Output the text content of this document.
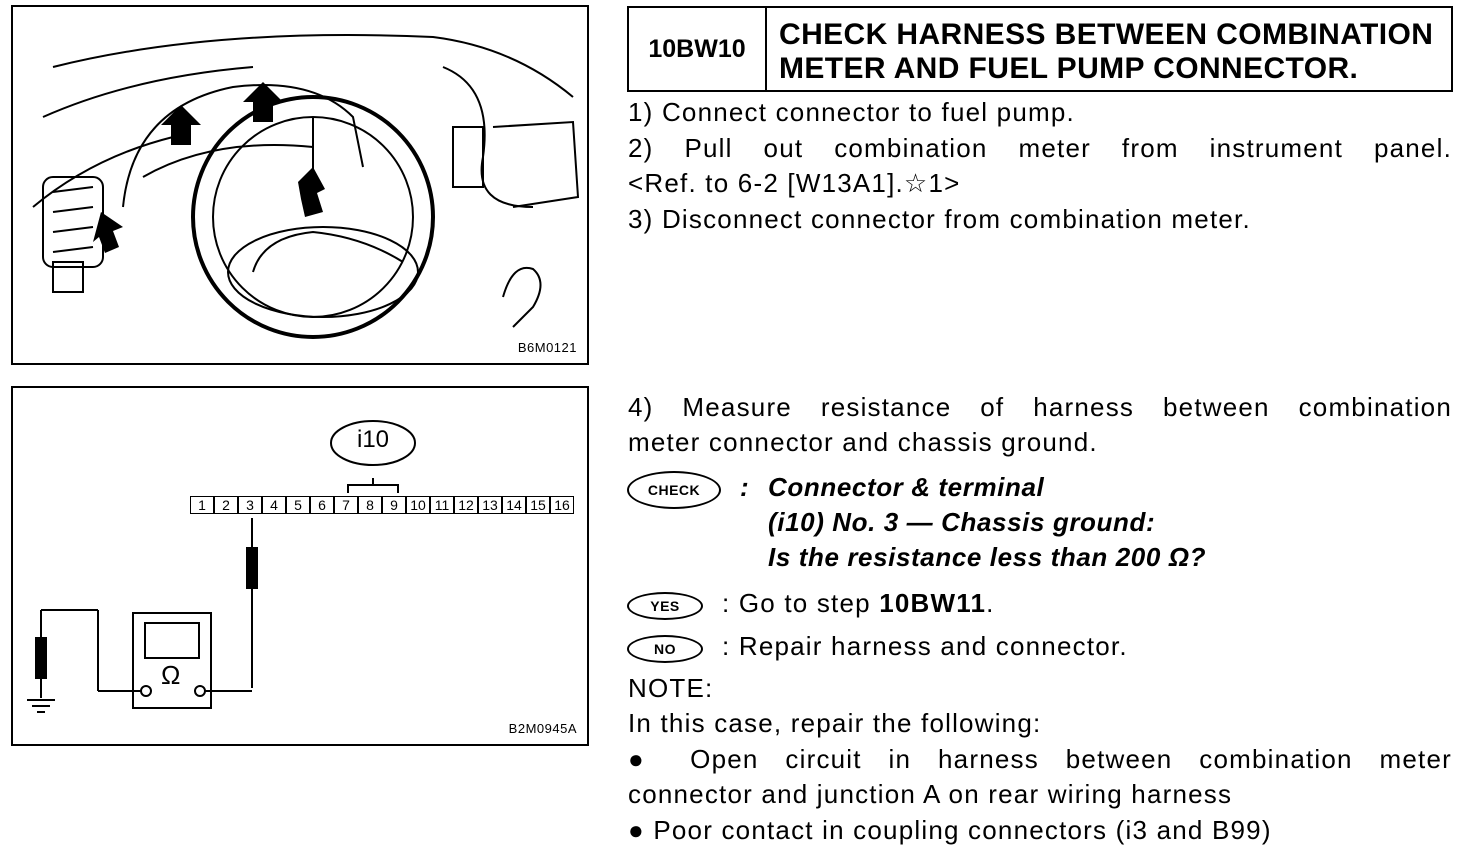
B6M0121
i10
Ω
B2M0945A
1	2	3	4	5	6	7	8	9 10 11 12 13 14 15 16
10BW10	CHECK HARNESS BETWEEN COMBINATION
METER AND FUEL PUMP CONNECTOR.
1) Connect connector to fuel pump.
2) Pull out combination meter from instrument panel.
<Ref. to 6-2 [W13A1].☆1>
3) Disconnect connector from combination meter.
4) Measure resistance of harness between combination
meter connector and chassis ground.
CHECK	: Connector & terminal
(i10) No. 3 — Chassis ground:
Is the resistance less than 200 Ω?
YES	: Go to step 10BW11.
NO	: Repair harness and connector.
NOTE:
In this case, repair the following:
● Open circuit in harness between combination meter
connector and junction A on rear wiring harness
● Poor contact in coupling connectors (i3 and B99)
